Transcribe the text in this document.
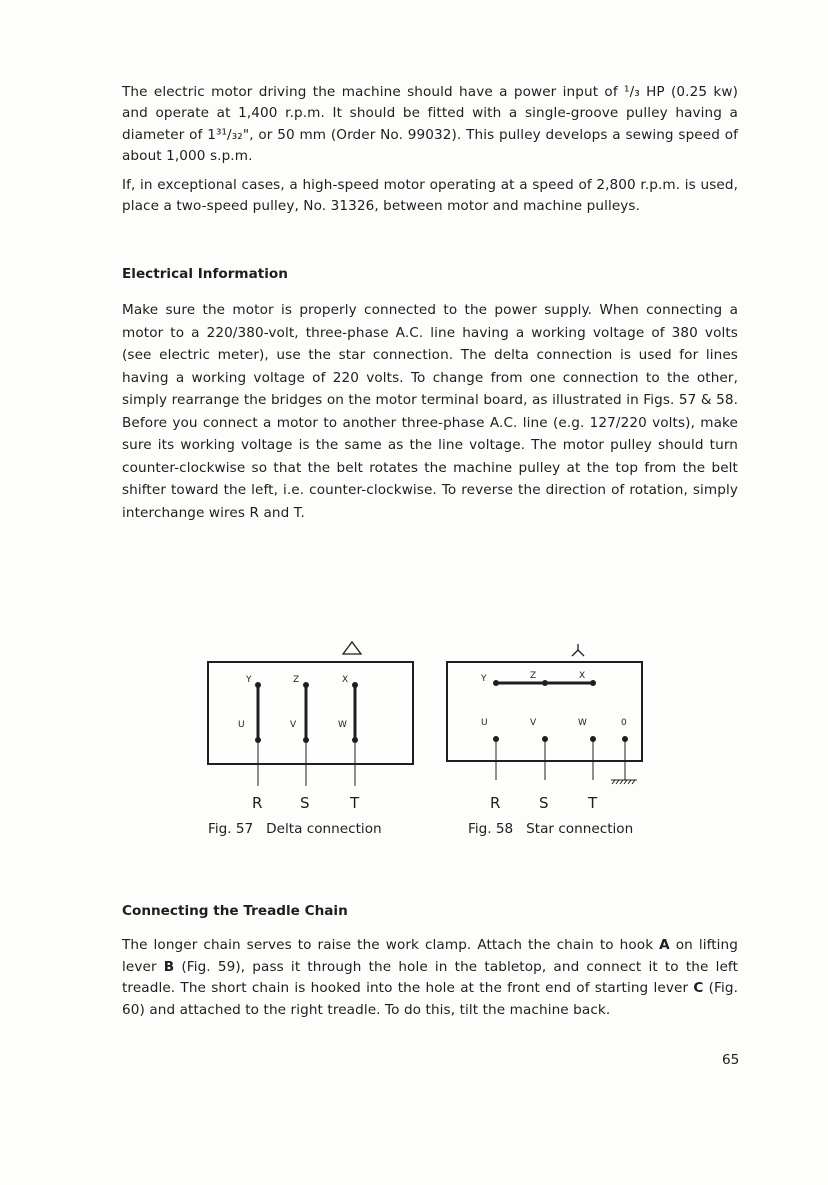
The electric motor driving the machine should have a power input of ¹/₃ HP (0.25 kw) and operate at 1,400 r.p.m. It should be fitted with a single-groove pulley having a diameter of 1³¹/₃₂", or 50 mm (Order No. 99032). This pulley develops a sewing speed of about 1,000 s.p.m.

If, in exceptional cases, a high-speed motor operating at a speed of 2,800 r.p.m. is used, place a two-speed pulley, No. 31326, between motor and machine pulleys.

Electrical Information

Make sure the motor is properly connected to the power supply. When connecting a motor to a 220/380-volt, three-phase A.C. line having a working voltage of 380 volts (see electric meter), use the star connection. The delta connection is used for lines having a working voltage of 220 volts. To change from one connection to the other, simply rearrange the bridges on the motor terminal board, as illustrated in Figs. 57 & 58. Before you connect a motor to another three-phase A.C. line (e.g. 127/220 volts), make sure its working voltage is the same as the line voltage. The motor pulley should turn counter-clockwise so that the belt rotates the machine pulley at the top from the belt shifter toward the left, i.e. counter-clockwise. To reverse the direction of rotation, simply interchange wires R and T.

Y	Z	X
U	V	W
R	S	T
Y	Z	X
U	V	W	0
R	S	T
Fig. 57   Delta connection	Fig. 58   Star connection

Connecting the Treadle Chain

The longer chain serves to raise the work clamp. Attach the chain to hook A on lifting lever B (Fig. 59), pass it through the hole in the tabletop, and connect it to the left treadle. The short chain is hooked into the hole at the front end of starting lever C (Fig. 60) and attached to the right treadle. To do this, tilt the machine back.

65
